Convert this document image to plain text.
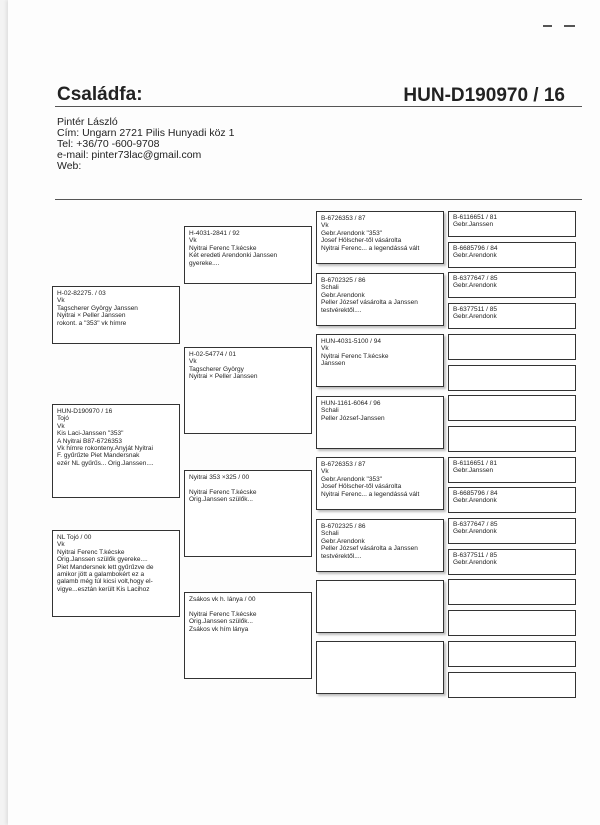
Családfa:	HUN-D190970 / 16
Pintér László
Cím: Ungarn 2721 Pilis Hunyadi köz 1
Tel: +36/70 -600-9708
e-mail: pinter73lac@gmail.com
Web:
H-02-82275. / 03
Vk
Tagscherer György Janssen
Nyitrai × Peller Janssen
rokont. a "353" vk hímre
HUN-D190970 / 16
Tojó
Vk
Kis Laci-Janssen "353"
A Nyitrai B87-6726353
Vk hímre rokonteny.Anyját Nyitrai
F. gyűrűzte Piet Mandersnak
ezér NL gyűrűs... Orig.Janssen....
NL Tojó / 00
Vk
Nyitrai Ferenc T.kécske
Orig.Janssen szülők gyereke....
Piet Mandersnek lett gyűrűzve de
amikor jött a galambokért ez a
galamb még túl kicsi volt,hogy el-
vigye...esztán került Kis Lacihoz
H-4031-2841 / 92
Vk
Nyitrai Ferenc T.kécske
Két eredeti Arendonki Janssen
gyereke....
H-02-54774 / 01
Vk
Tagscherer György
Nyitrai × Peller Janssen
Nyitrai 353 ×325 / 00

Nyitrai Ferenc T.kécske
Orig.Janssen szülők...
Zsákos vk h. lánya / 00

Nyitrai Ferenc T.kécske
Orig.Janssen szülők...
Zsákos vk hím lánya
B-6726353 / 87
Vk
Gebr.Arendonk "353"
Josef Hölscher-től vásárolta
Nyitrai Ferenc... a legendássá vált
B-6702325 / 86
Schali
Gebr.Arendonk
Peller József vásárolta a Janssen
testvérektől....
HUN-4031-5100 / 94
Vk
Nyitrai Ferenc T.kécske
Janssen
HUN-1161-6064 / 96
Schali
Peller József-Janssen
B-6726353 / 87
Vk
Gebr.Arendonk "353"
Josef Hölscher-től vásárolta
Nyitrai Ferenc... a legendássá vált
B-6702325 / 86
Schali
Gebr.Arendonk
Peller József vásárolta a Janssen
testvérektől....
B-6116651 / 81
Gebr.Janssen
B-6685796 / 84
Gebr.Arendonk
B-6377647 / 85
Gebr.Arendonk
B-6377511 / 85
Gebr.Arendonk
B-6116651 / 81
Gebr.Janssen
B-6685796 / 84
Gebr.Arendonk
B-6377647 / 85
Gebr.Arendonk
B-6377511 / 85
Gebr.Arendonk
